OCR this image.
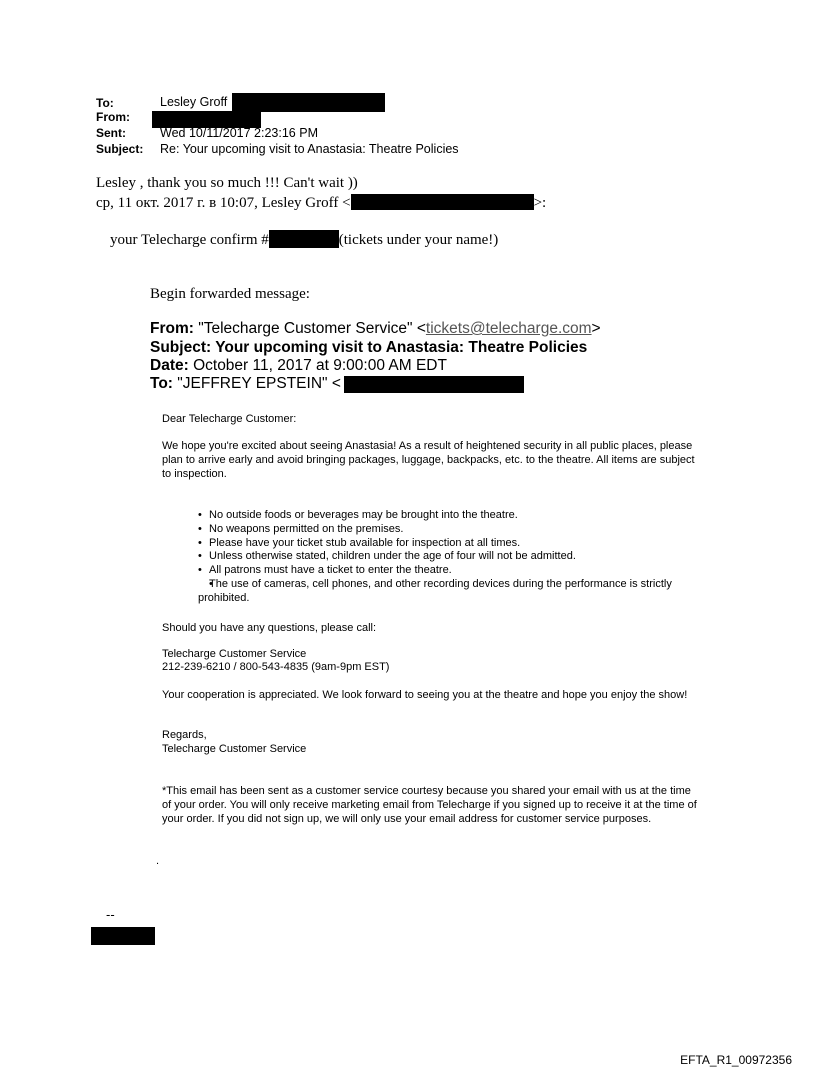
To:	Lesley Groff
From:
Sent:	Wed 10/11/2017 2:23:16 PM
Subject: Re: Your upcoming visit to Anastasia: Theatre Policies
Lesley , thank you so much !!! Can't wait ))
ср, 11 окт. 2017 г. в 10:07, Lesley Groff <	>:
your Telecharge confirm #	(tickets under your name!)
Begin forwarded message:
From: "Telecharge Customer Service" <tickets@telecharge.com>
Subject: Your upcoming visit to Anastasia: Theatre Policies
Date: October 11, 2017 at 9:00:00 AM EDT
To: "JEFFREY EPSTEIN" <
Dear Telecharge Customer:
We hope you're excited about seeing Anastasia! As a result of heightened security in all public places, please plan to arrive early and avoid bringing packages, luggage, backpacks, etc. to the theatre. All items are subject to inspection.
• No outside foods or beverages may be brought into the theatre.
• No weapons permitted on the premises.
• Please have your ticket stub available for inspection at all times.
• Unless otherwise stated, children under the age of four will not be admitted.
• All patrons must have a ticket to enter the theatre.
• The use of cameras, cell phones, and other recording devices during the performance is strictly prohibited.
Should you have any questions, please call:
Telecharge Customer Service
212-239-6210 / 800-543-4835 (9am-9pm EST)
Your cooperation is appreciated. We look forward to seeing you at the theatre and hope you enjoy the show!
Regards,
Telecharge Customer Service
*This email has been sent as a customer service courtesy because you shared your email with us at the time of your order. You will only receive marketing email from Telecharge if you signed up to receive it at the time of your order. If you did not sign up, we will only use your email address for customer service purposes.
.
--
EFTA_R1_00972356
